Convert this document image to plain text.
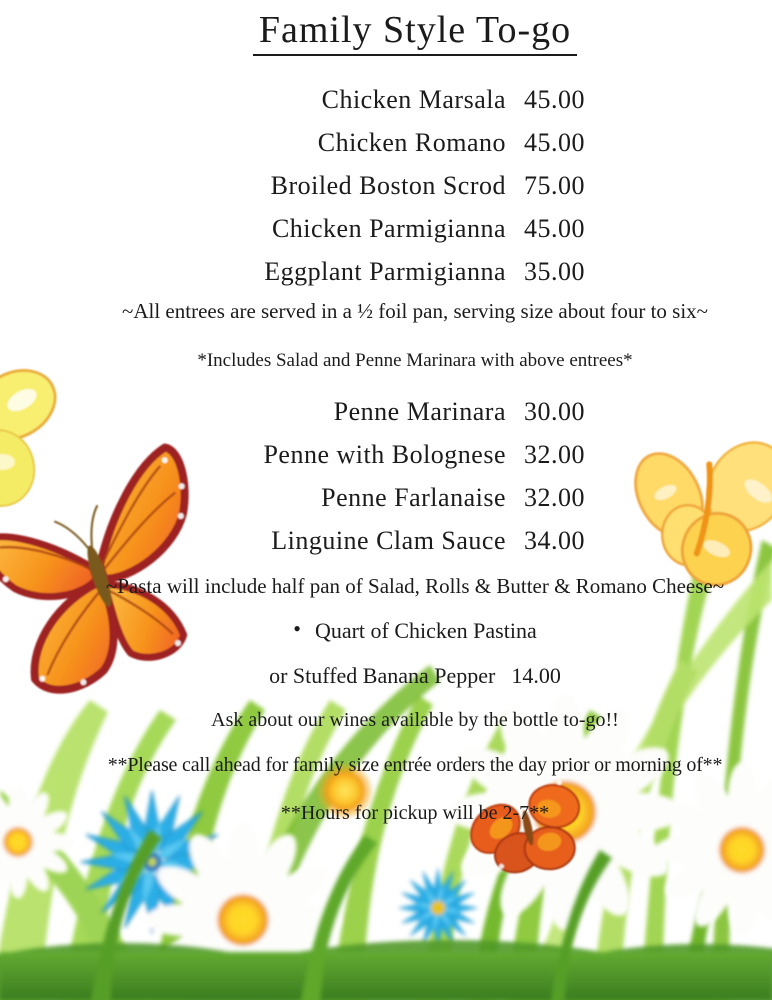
Family Style To-go
Chicken Marsala 45.00
Chicken Romano 45.00
Broiled Boston Scrod 75.00
Chicken Parmigianna 45.00
Eggplant Parmigianna 35.00

~All entrees are served in a ½ foil pan, serving size about four to six~

*Includes Salad and Penne Marinara with above entrees*

Penne Marinara 30.00
Penne with Bolognese 32.00
Penne Farlanaise 32.00
Linguine Clam Sauce 34.00

~Pasta will include half pan of Salad, Rolls & Butter & Romano Cheese~

• Quart of Chicken Pastina

or Stuffed Banana Pepper 14.00

Ask about our wines available by the bottle to-go!!

**Please call ahead for family size entrée orders the day prior or morning of**

**Hours for pickup will be 2-7**
